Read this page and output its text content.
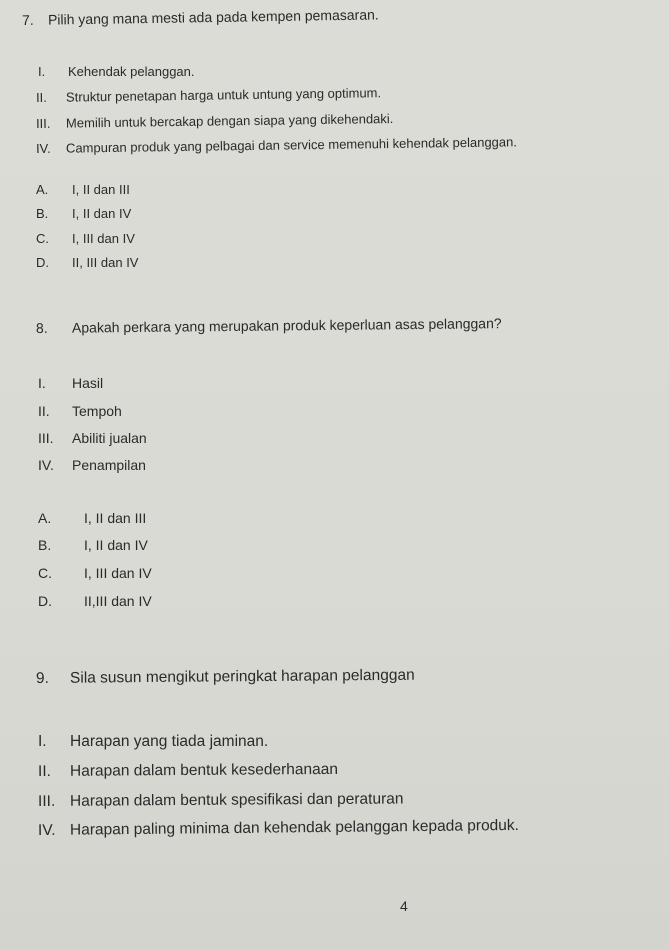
7. Pilih yang mana mesti ada pada kempen pemasaran.
I. Kehendak pelanggan.
II. Struktur penetapan harga untuk untung yang optimum.
III. Memilih untuk bercakap dengan siapa yang dikehendaki.
IV. Campuran produk yang pelbagai dan service memenuhi kehendak pelanggan.
A. I, II dan III
B. I, II dan IV
C. I, III dan IV
D. II, III dan IV
8. Apakah perkara yang merupakan produk keperluan asas pelanggan?
I. Hasil
II. Tempoh
III. Abiliti jualan
IV. Penampilan
A. I, II dan III
B. I, II dan IV
C. I, III dan IV
D. II,III dan IV
9. Sila susun mengikut peringkat harapan pelanggan
I. Harapan yang tiada jaminan.
II. Harapan dalam bentuk kesederhanaan
III. Harapan dalam bentuk spesifikasi dan peraturan
IV. Harapan paling minima dan kehendak pelanggan kepada produk.
4
